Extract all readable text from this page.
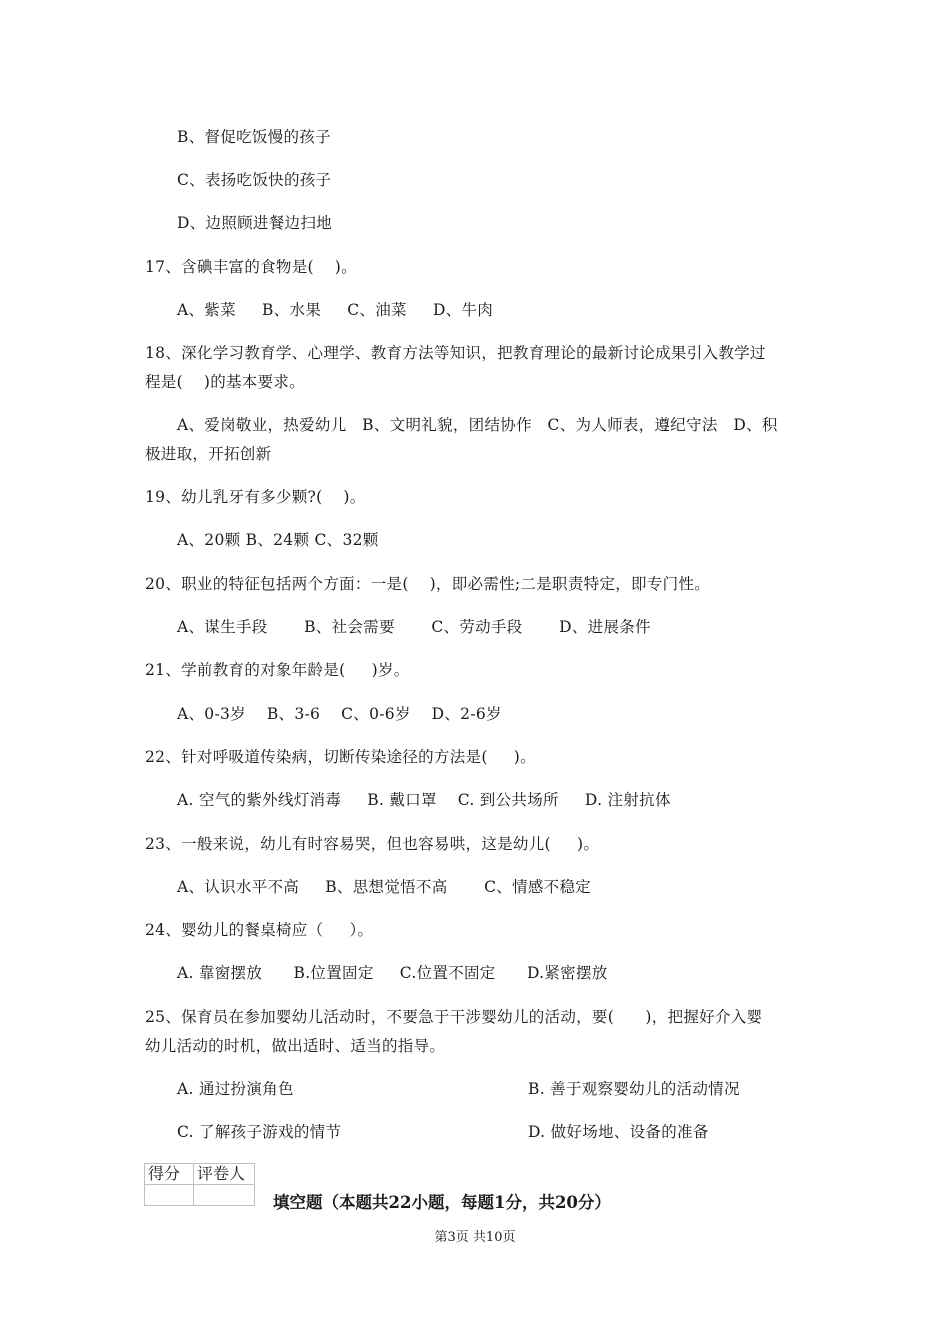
B、督促吃饭慢的孩子
C、表扬吃饭快的孩子
D、边照顾进餐边扫地
17、含碘丰富的食物是(    )。
A、紫菜     B、水果     C、油菜     D、牛肉
18、深化学习教育学、心理学、教育方法等知识，把教育理论的最新讨论成果引入教学过
程是(    )的基本要求。
A、爱岗敬业，热爱幼儿   B、文明礼貌，团结协作   C、为人师表，遵纪守法   D、积
极进取，开拓创新
19、幼儿乳牙有多少颗?(    )。
A、20颗 B、24颗 C、32颗
20、职业的特征包括两个方面：一是(    )，即必需性;二是职责特定，即专门性。
A、谋生手段       B、社会需要       C、劳动手段       D、进展条件
21、学前教育的对象年龄是(     )岁。
A、0-3岁    B、3-6    C、0-6岁    D、2-6岁
22、针对呼吸道传染病，切断传染途径的方法是(     )。
A. 空气的紫外线灯消毒     B. 戴口罩    C. 到公共场所     D. 注射抗体
23、一般来说，幼儿有时容易哭，但也容易哄，这是幼儿(     )。
A、认识水平不高     B、思想觉悟不高       C、情感不稳定
24、婴幼儿的餐桌椅应（     ）。
A. 靠窗摆放      B.位置固定     C.位置不固定      D.紧密摆放
25、保育员在参加婴幼儿活动时，不要急于干涉婴幼儿的活动，要(      )，把握好介入婴
幼儿活动的时机，做出适时、适当的指导。
A. 通过扮演角色	B. 善于观察婴幼儿的活动情况
C. 了解孩子游戏的情节	D. 做好场地、设备的准备
得分	评卷人

填空题（本题共22小题，每题1分，共20分）
第3页 共10页
